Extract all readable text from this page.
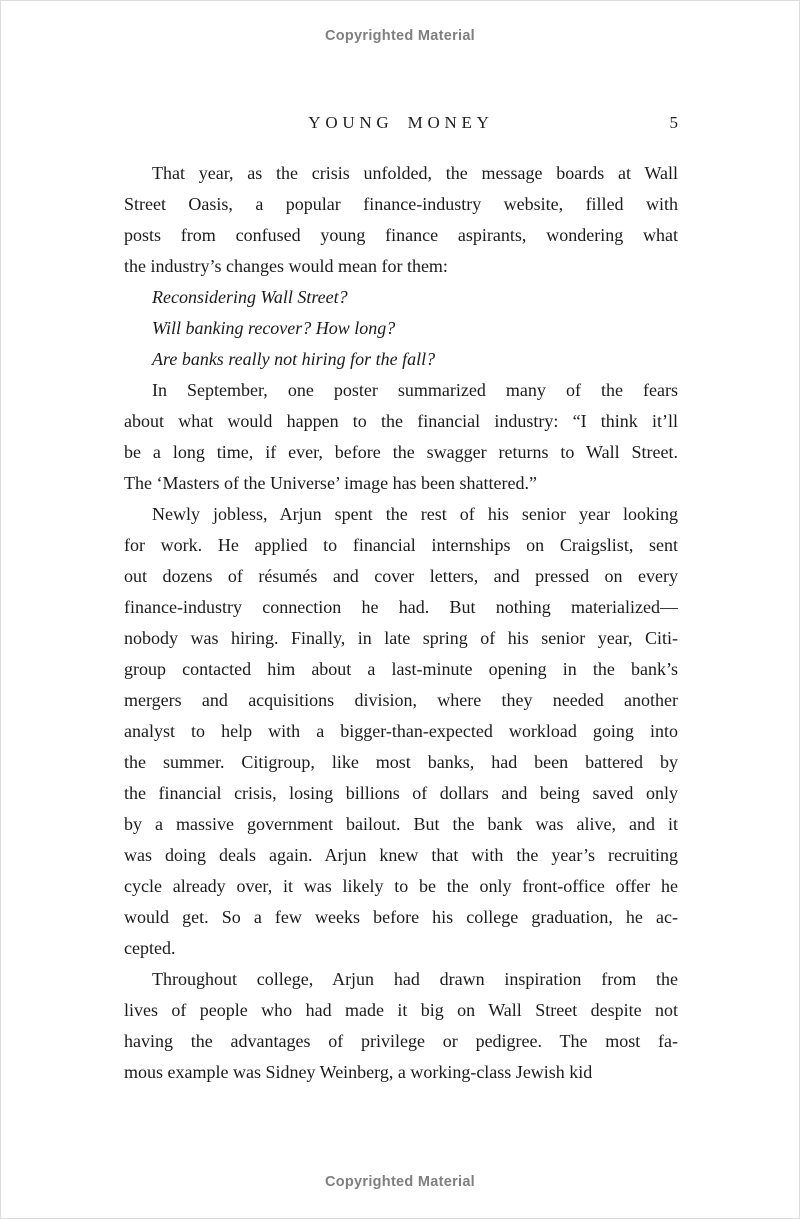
Copyrighted Material
YOUNG MONEY	5
That year, as the crisis unfolded, the message boards at Wall
Street Oasis, a popular finance-industry website, filled with
posts from confused young finance aspirants, wondering what
the industry’s changes would mean for them:
Reconsidering Wall Street?
Will banking recover? How long?
Are banks really not hiring for the fall?
In September, one poster summarized many of the fears
about what would happen to the financial industry: “I think it’ll
be a long time, if ever, before the swagger returns to Wall Street.
The ‘Masters of the Universe’ image has been shattered.”
Newly jobless, Arjun spent the rest of his senior year looking
for work. He applied to financial internships on Craigslist, sent
out dozens of résumés and cover letters, and pressed on every
finance-industry connection he had. But nothing materialized—
nobody was hiring. Finally, in late spring of his senior year, Citi-
group contacted him about a last-minute opening in the bank’s
mergers and acquisitions division, where they needed another
analyst to help with a bigger-than-expected workload going into
the summer. Citigroup, like most banks, had been battered by
the financial crisis, losing billions of dollars and being saved only
by a massive government bailout. But the bank was alive, and it
was doing deals again. Arjun knew that with the year’s recruiting
cycle already over, it was likely to be the only front-office offer he
would get. So a few weeks before his college graduation, he ac-
cepted.
Throughout college, Arjun had drawn inspiration from the
lives of people who had made it big on Wall Street despite not
having the advantages of privilege or pedigree. The most fa-
mous example was Sidney Weinberg, a working-class Jewish kid
Copyrighted Material
